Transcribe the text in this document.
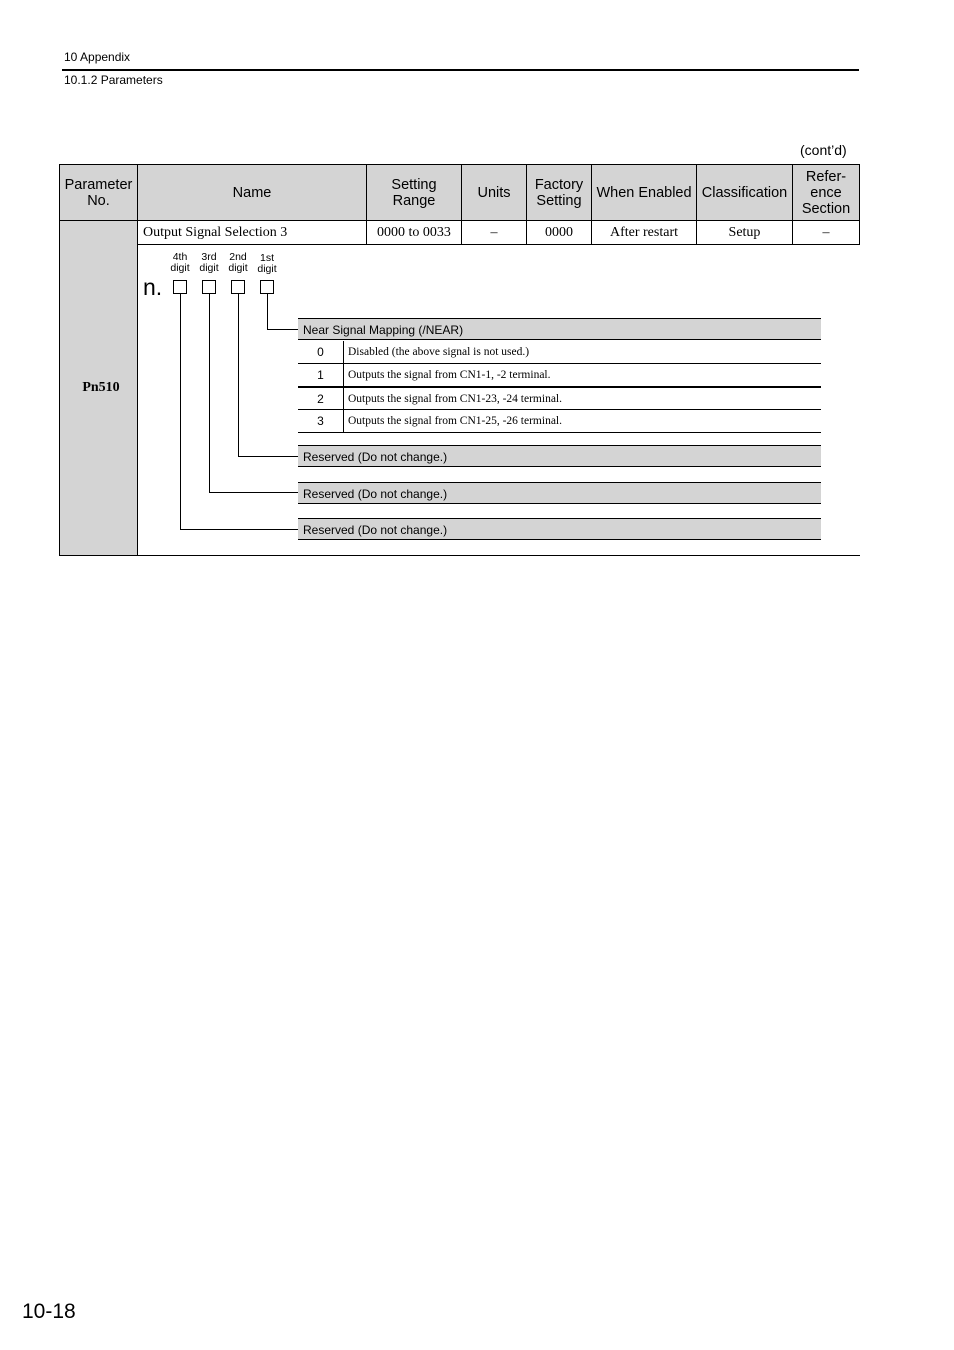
10 Appendix
10.1.2 Parameters
(cont’d)
Parameter No.	Name	Setting Range	Units	Factory Setting	When Enabled	Classification	Refer- ence Section
Pn510	Output Signal Selection 3	0000 to 0033	–	0000	After restart	Setup	–

4th
digit
3rd
digit
2nd
digit
1st
digit
n.
Near Signal Mapping (/NEAR)
0	Disabled (the above signal is not used.)
1	Outputs the signal from CN1-1, -2 terminal.
2	Outputs the signal from CN1-23, -24 terminal.
3	Outputs the signal from CN1-25, -26 terminal.
Reserved (Do not change.)
Reserved (Do not change.)
Reserved (Do not change.)
10-18
